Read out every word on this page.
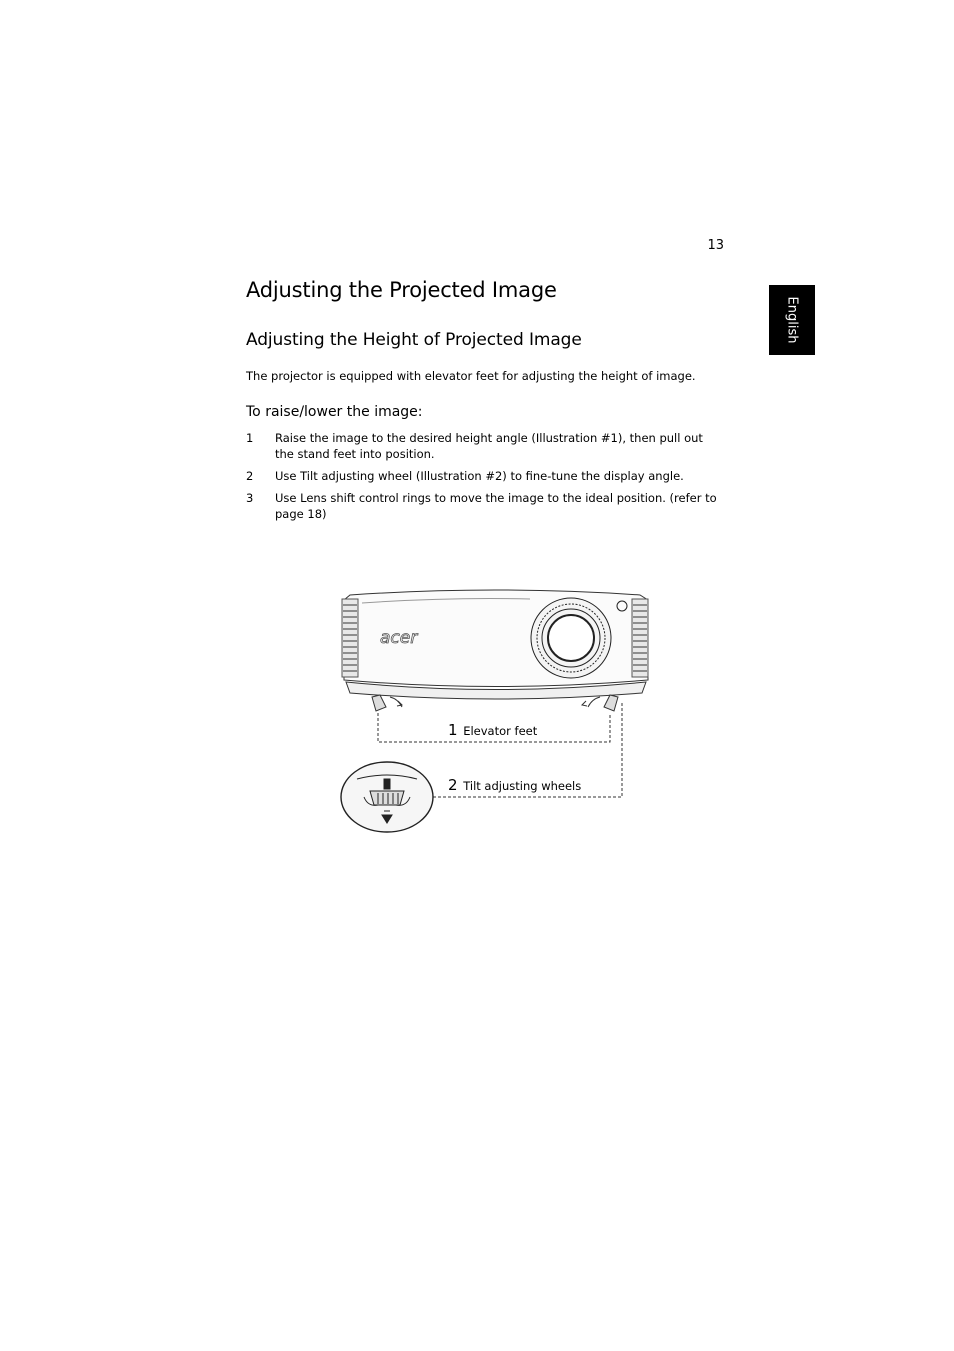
13
English
Adjusting the Projected Image
Adjusting the Height of Projected Image
The projector is equipped with elevator feet for adjusting the height of image.
To raise/lower the image:
1 Raise the image to the desired height angle (Illustration #1), then pull out the stand feet into position.
2 Use Tilt adjusting wheel (Illustration #2) to fine-tune the display angle.
3 Use Lens shift control rings to move the image to the ideal position. (refer to page 18)
acer
1 Elevator feet
2 Tilt adjusting wheels
